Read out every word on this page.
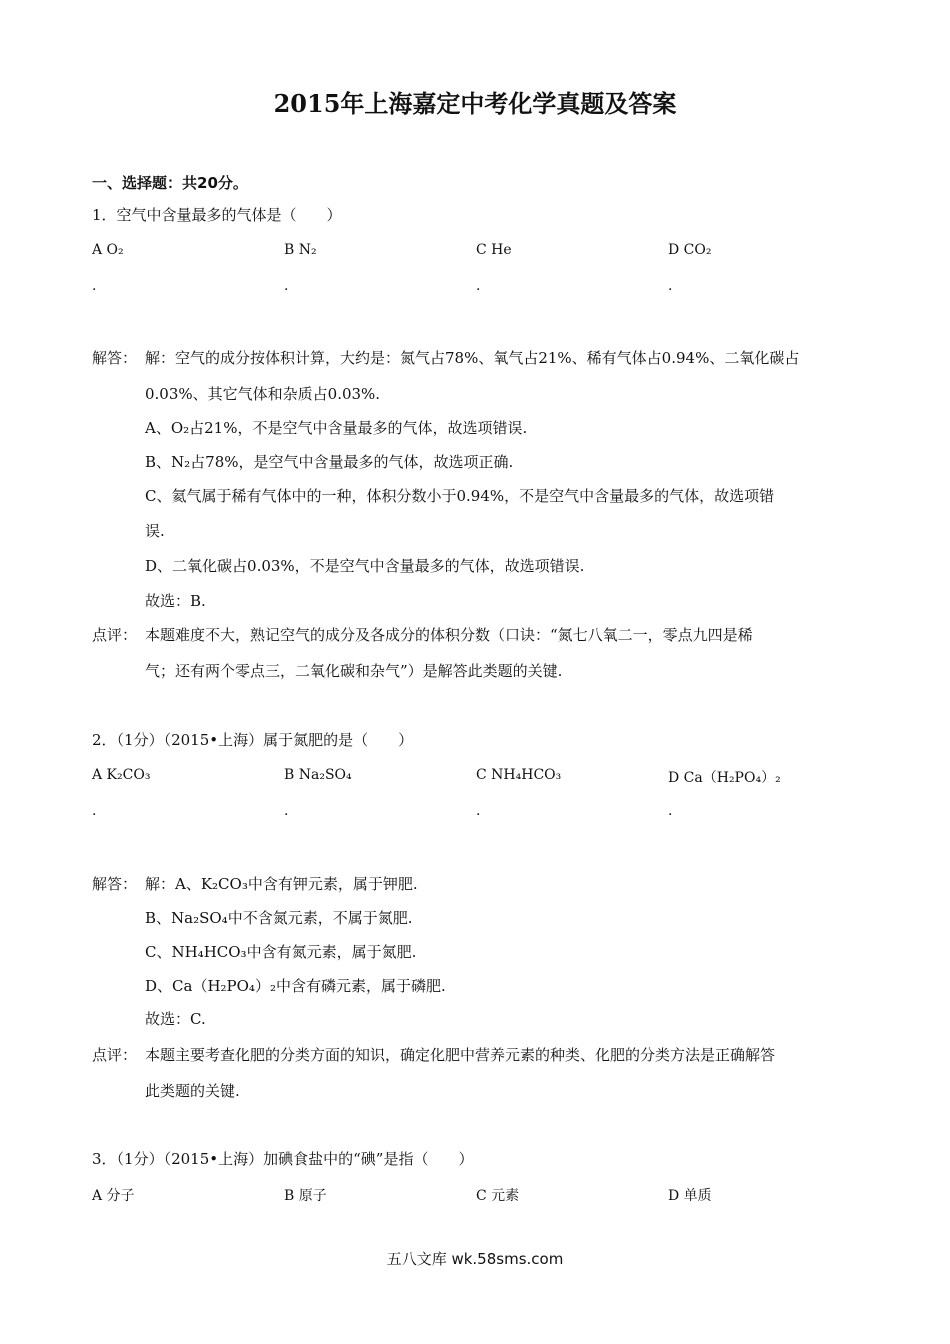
2015年上海嘉定中考化学真题及答案
一、选择题：共20分。
1．空气中含量最多的气体是（　　）
A O₂	B N₂	C He	D CO₂
.	.	.	.
解答： 解：空气的成分按体积计算，大约是：氮气占78%、氧气占21%、稀有气体占0.94%、二氧化碳占
0.03%、其它气体和杂质占0.03%.
A、O₂占21%，不是空气中含量最多的气体，故选项错误.
B、N₂占78%，是空气中含量最多的气体，故选项正确.
C、氦气属于稀有气体中的一种，体积分数小于0.94%，不是空气中含量最多的气体，故选项错
误.
D、二氧化碳占0.03%，不是空气中含量最多的气体，故选项错误.
故选：B.
点评： 本题难度不大，熟记空气的成分及各成分的体积分数（口诀：“氮七八氧二一，零点九四是稀
气；还有两个零点三，二氧化碳和杂气”）是解答此类题的关键.
2．（1分）（2015•上海）属于氮肥的是（　　）
A K₂CO₃	B Na₂SO₄	C NH₄HCO₃	D Ca（H₂PO₄）₂
.	.	.	.
解答： 解：A、K₂CO₃中含有钾元素，属于钾肥.
B、Na₂SO₄中不含氮元素，不属于氮肥.
C、NH₄HCO₃中含有氮元素，属于氮肥.
D、Ca（H₂PO₄）₂中含有磷元素，属于磷肥.
故选：C.
点评： 本题主要考查化肥的分类方面的知识，确定化肥中营养元素的种类、化肥的分类方法是正确解答
此类题的关键.
3．（1分）（2015•上海）加碘食盐中的“碘”是指（　　）
A 分子	B 原子	C 元素	D 单质
五八文库 wk.58sms.com
